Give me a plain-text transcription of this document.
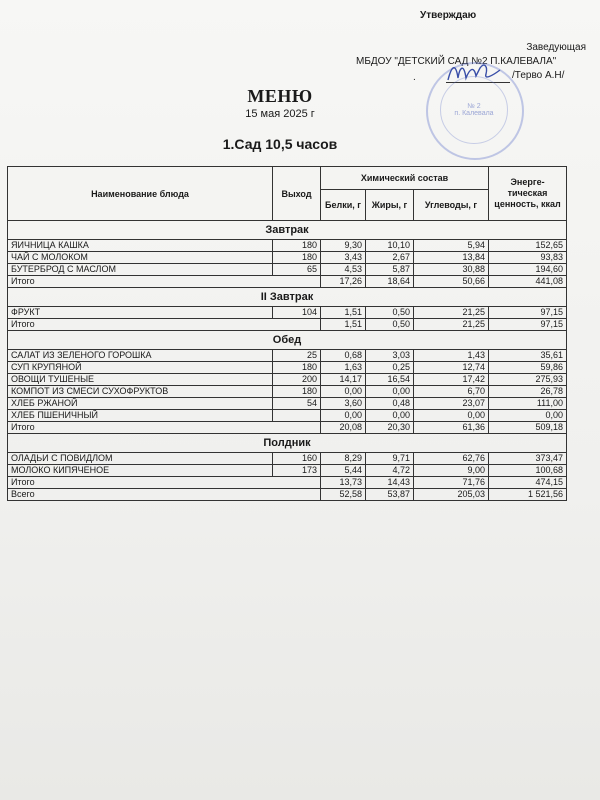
Утверждаю
Заведующая
МБДОУ "ДЕТСКИЙ САД №2 П.КАЛЕВАЛА"
.	/Терво А.Н/
№ 2
п. Калевала
МЕНЮ
15 мая 2025 г
1.Сад 10,5 часов
Наименование блюда	Выход	Химический состав			Энерге-тическая ценность, ккал
		Белки, г	Жиры, г	Углеводы, г	
Завтрак					
ЯИЧНИЦА КАШКА	180	9,30	10,10	5,94	152,65
ЧАЙ С МОЛОКОМ	180	3,43	2,67	13,84	93,83
БУТЕРБРОД С МАСЛОМ	65	4,53	5,87	30,88	194,60
Итого		17,26	18,64	50,66	441,08
II Завтрак					
ФРУКТ	104	1,51	0,50	21,25	97,15
Итого		1,51	0,50	21,25	97,15
Обед					
САЛАТ ИЗ ЗЕЛЕНОГО ГОРОШКА	25	0,68	3,03	1,43	35,61
СУП КРУПЯНОЙ	180	1,63	0,25	12,74	59,86
ОВОЩИ ТУШЕНЫЕ	200	14,17	16,54	17,42	275,93
КОМПОТ ИЗ СМЕСИ СУХОФРУКТОВ	180	0,00	0,00	6,70	26,78
ХЛЕБ РЖАНОЙ	54	3,60	0,48	23,07	111,00
ХЛЕБ ПШЕНИЧНЫЙ		0,00	0,00	0,00	0,00
Итого		20,08	20,30	61,36	509,18
Полдник					
ОЛАДЬИ С ПОВИДЛОМ	160	8,29	9,71	62,76	373,47
МОЛОКО КИПЯЧЕНОЕ	173	5,44	4,72	9,00	100,68
Итого		13,73	14,43	71,76	474,15
Всего		52,58	53,87	205,03	1 521,56
